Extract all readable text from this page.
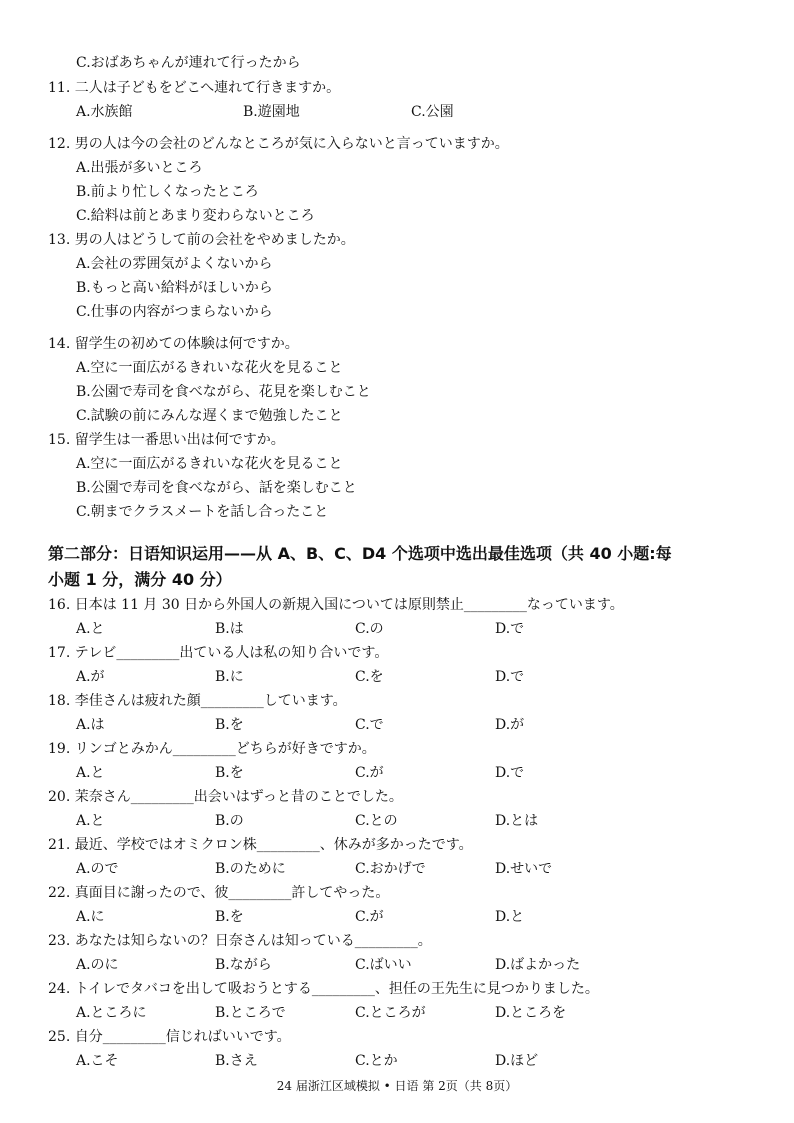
C.おばあちゃんが連れて行ったから
11. 二人は子どもをどこへ連れて行きますか。
A.水族館	B.遊園地	C.公園
12. 男の人は今の会社のどんなところが気に入らないと言っていますか。
A.出張が多いところ
B.前より忙しくなったところ
C.給料は前とあまり変わらないところ
13. 男の人はどうして前の会社をやめましたか。
A.会社の雰囲気がよくないから
B.もっと高い給料がほしいから
C.仕事の内容がつまらないから
14. 留学生の初めての体験は何ですか。
A.空に一面広がるきれいな花火を見ること
B.公園で寿司を食べながら、花見を楽しむこと
C.試験の前にみんな遅くまで勉強したこと
15. 留学生は一番思い出は何ですか。
A.空に一面広がるきれいな花火を見ること
B.公園で寿司を食べながら、話を楽しむこと
C.朝までクラスメートを話し合ったこと
第二部分：日语知识运用——从 A、B、C、D4 个选项中选出最佳选项（共 40 小题:每
小题 1 分，满分 40 分）
16. 日本は 11 月 30 日から外国人の新規入国については原則禁止_________なっています。
A.と	B.は	C.の	D.で
17. テレビ_________出ている人は私の知り合いです。
A.が	B.に	C.を	D.で
18. 李佳さんは疲れた顔_________しています。
A.は	B.を	C.で	D.が
19. リンゴとみかん_________どちらが好きですか。
A.と	B.を	C.が	D.で
20. 茉奈さん_________出会いはずっと昔のことでした。
A.と	B.の	C.との	D.とは
21. 最近、学校ではオミクロン株_________、休みが多かったです。
A.ので	B.のために	C.おかげで	D.せいで
22. 真面目に謝ったので、彼_________許してやった。
A.に	B.を	C.が	D.と
23. あなたは知らないの？日奈さんは知っている_________。
A.のに	B.ながら	C.ばいい	D.ばよかった
24. トイレでタバコを出して吸おうとする_________、担任の王先生に見つかりました。
A.ところに	B.ところで	C.ところが	D.ところを
25. 自分_________信じればいいです。
A.こそ	B.さえ	C.とか	D.ほど
24 届浙江区域模拟 • 日语 第 2页（共 8页）
